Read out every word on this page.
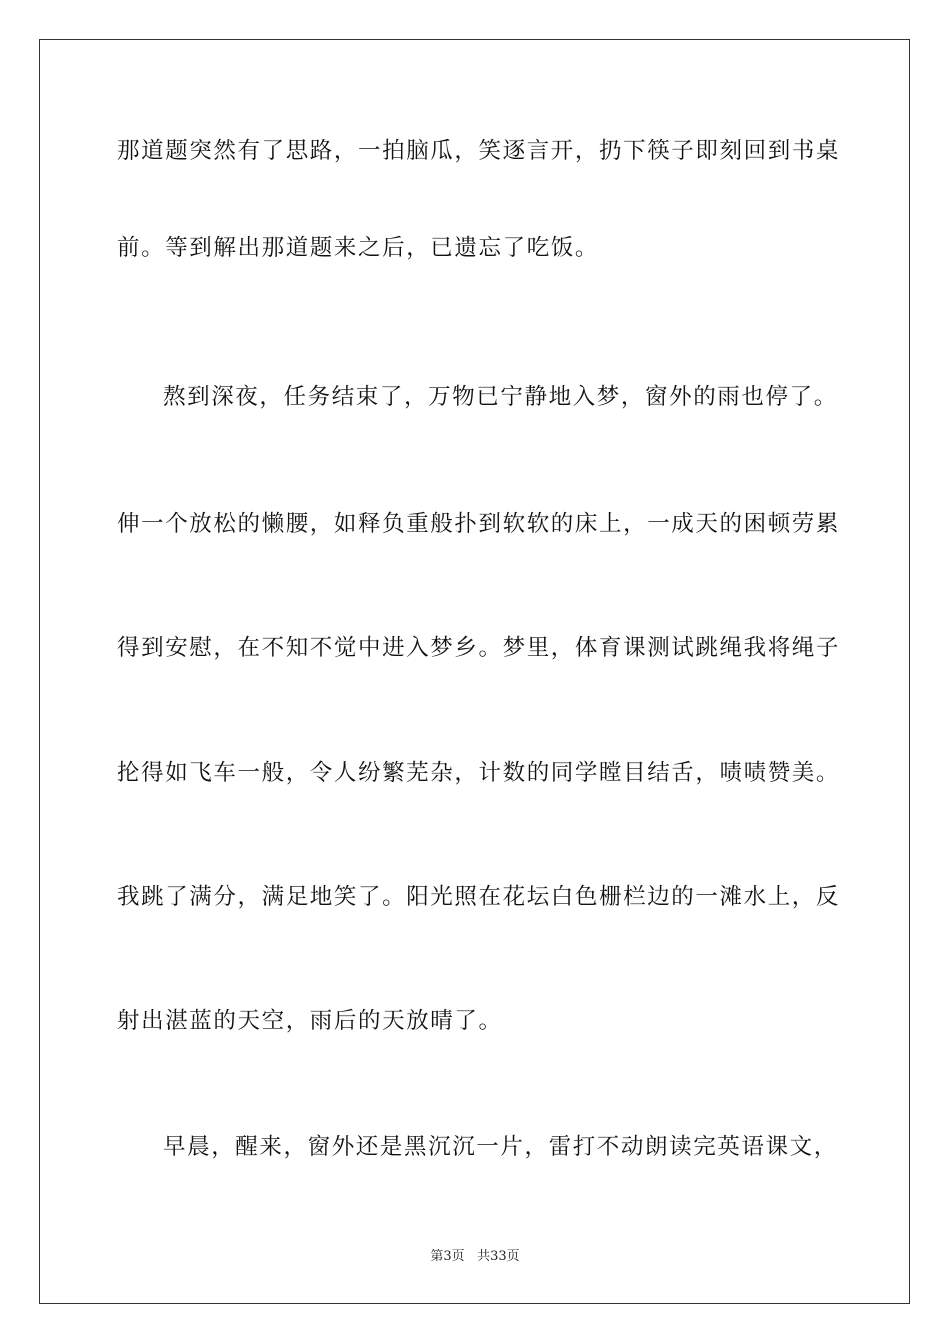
那道题突然有了思路，一拍脑瓜，笑逐言开，扔下筷子即刻回到书桌
前。等到解出那道题来之后，已遗忘了吃饭。
熬到深夜，任务结束了，万物已宁静地入梦，窗外的雨也停了。
伸一个放松的懒腰，如释负重般扑到软软的床上，一成天的困顿劳累
得到安慰，在不知不觉中进入梦乡。梦里，体育课测试跳绳我将绳子
抡得如飞车一般，令人纷繁芜杂，计数的同学瞠目结舌，啧啧赞美。
我跳了满分，满足地笑了。阳光照在花坛白色栅栏边的一滩水上，反
射出湛蓝的天空，雨后的天放晴了。
早晨，醒来，窗外还是黑沉沉一片，雷打不动朗读完英语课文，
第3页 共33页
